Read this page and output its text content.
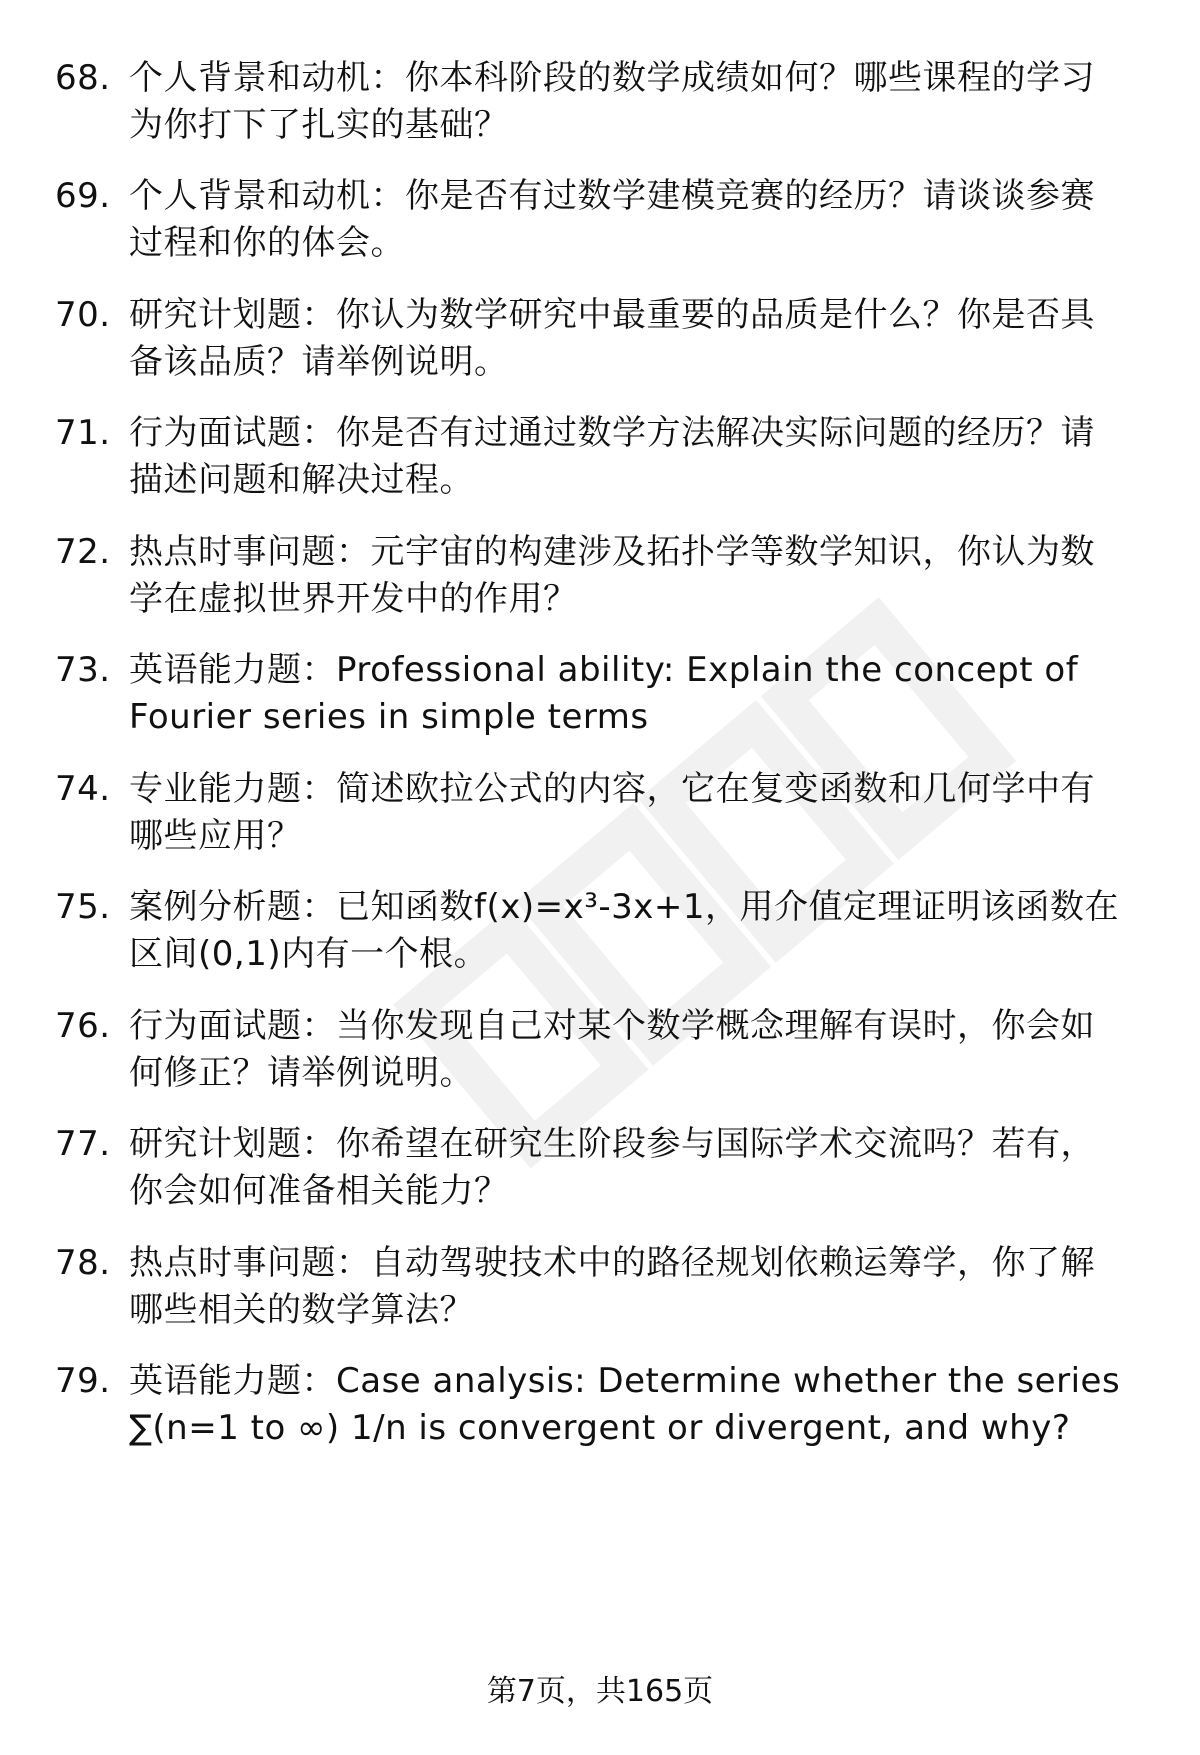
68. 个人背景和动机：你本科阶段的数学成绩如何？哪些课程的学习
为你打下了扎实的基础？
69. 个人背景和动机：你是否有过数学建模竞赛的经历？请谈谈参赛
过程和你的体会。
70. 研究计划题：你认为数学研究中最重要的品质是什么？你是否具
备该品质？请举例说明。
71. 行为面试题：你是否有过通过数学方法解决实际问题的经历？请
描述问题和解决过程。
72. 热点时事问题：元宇宙的构建涉及拓扑学等数学知识，你认为数
学在虚拟世界开发中的作用？
73. 英语能力题：Professional ability: Explain the concept of
Fourier series in simple terms
74. 专业能力题：简述欧拉公式的内容，它在复变函数和几何学中有
哪些应用？
75. 案例分析题：已知函数f(x)=x³-3x+1，用介值定理证明该函数在
区间(0,1)内有一个根。
76. 行为面试题：当你发现自己对某个数学概念理解有误时，你会如
何修正？请举例说明。
77. 研究计划题：你希望在研究生阶段参与国际学术交流吗？若有，
你会如何准备相关能力？
78. 热点时事问题：自动驾驶技术中的路径规划依赖运筹学，你了解
哪些相关的数学算法？
79. 英语能力题：Case analysis: Determine whether the series
∑(n=1 to ∞) 1/n is convergent or divergent, and why?
第7页，共165页
